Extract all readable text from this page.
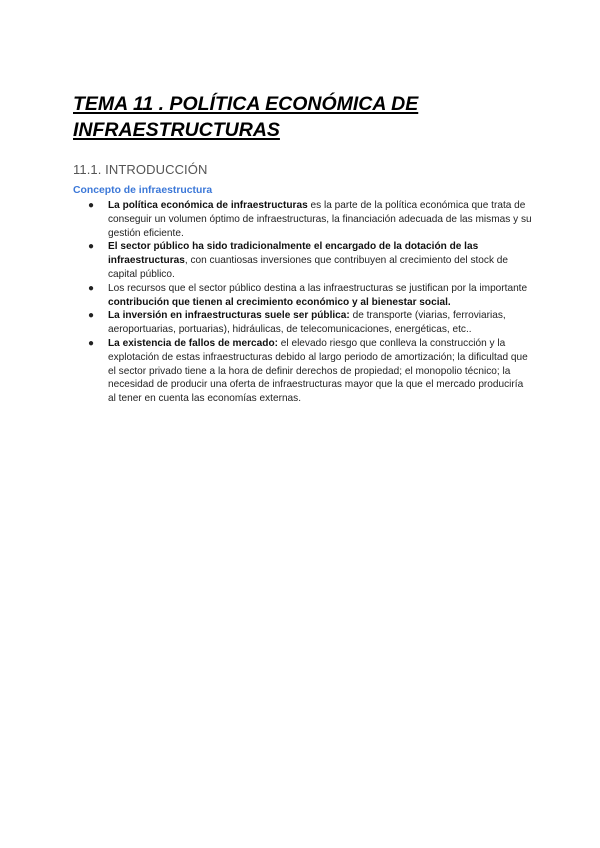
TEMA 11 . POLÍTICA ECONÓMICA DE INFRAESTRUCTURAS
11.1. INTRODUCCIÓN
Concepto de infraestructura
● La política económica de infraestructuras es la parte de la política económica que trata de conseguir un volumen óptimo de infraestructuras, la financiación adecuada de las mismas y su gestión eficiente.
● El sector público ha sido tradicionalmente el encargado de la dotación de las infraestructuras, con cuantiosas inversiones que contribuyen al crecimiento del stock de capital público.
● Los recursos que el sector público destina a las infraestructuras se justifican por la importante contribución que tienen al crecimiento económico y al bienestar social.
● La inversión en infraestructuras suele ser pública: de transporte (viarias, ferroviarias, aeroportuarias, portuarias), hidráulicas, de telecomunicaciones, energéticas, etc..
● La existencia de fallos de mercado: el elevado riesgo que conlleva la construcción y la explotación de estas infraestructuras debido al largo periodo de amortización; la dificultad que el sector privado tiene a la hora de definir derechos de propiedad; el monopolio técnico; la necesidad de producir una oferta de infraestructuras mayor que la que el mercado produciría al tener en cuenta las economías externas.
